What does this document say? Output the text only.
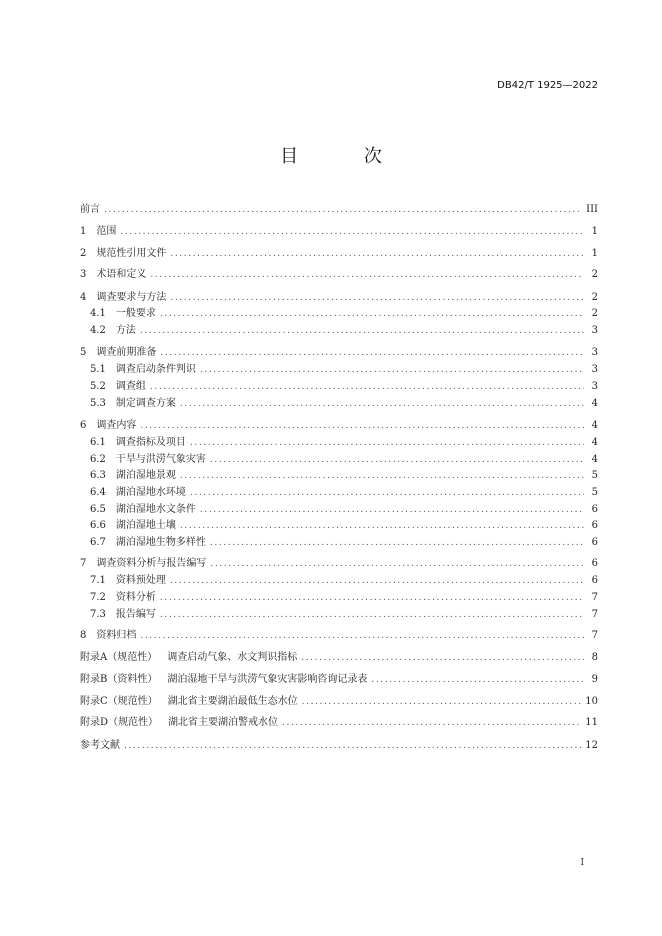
DB42/T 1925—2022
目 次
前言 .....	III
1 范围 .....	1
2 规范性引用文件 .....	1
3 术语和定义 .....	2
4 调查要求与方法 .....	2
4.1 一般要求 .....	2
4.2 方法 .....	3
5 调查前期准备 .....	3
5.1 调查启动条件判识 .....	3
5.2 调查组 .....	3
5.3 制定调查方案 .....	4
6 调查内容 .....	4
6.1 调查指标及项目 .....	4
6.2 干旱与洪涝气象灾害 .....	4
6.3 湖泊湿地景观 .....	5
6.4 湖泊湿地水环境 .....	5
6.5 湖泊湿地水文条件 .....	6
6.6 湖泊湿地土壤 .....	6
6.7 湖泊湿地生物多样性 .....	6
7 调查资料分析与报告编写 .....	6
7.1 资料预处理 .....	6
7.2 资料分析 .....	7
7.3 报告编写 .....	7
8 资料归档 .....	7
附录A（规范性） 调查启动气象、水文判识指标 .....	8
附录B（资料性） 湖泊湿地干旱与洪涝气象灾害影响咨询记录表 .....	9
附录C（规范性） 湖北省主要湖泊最低生态水位 .....	10
附录D（规范性） 湖北省主要湖泊警戒水位 .....	11
参考文献 .....	12
I
